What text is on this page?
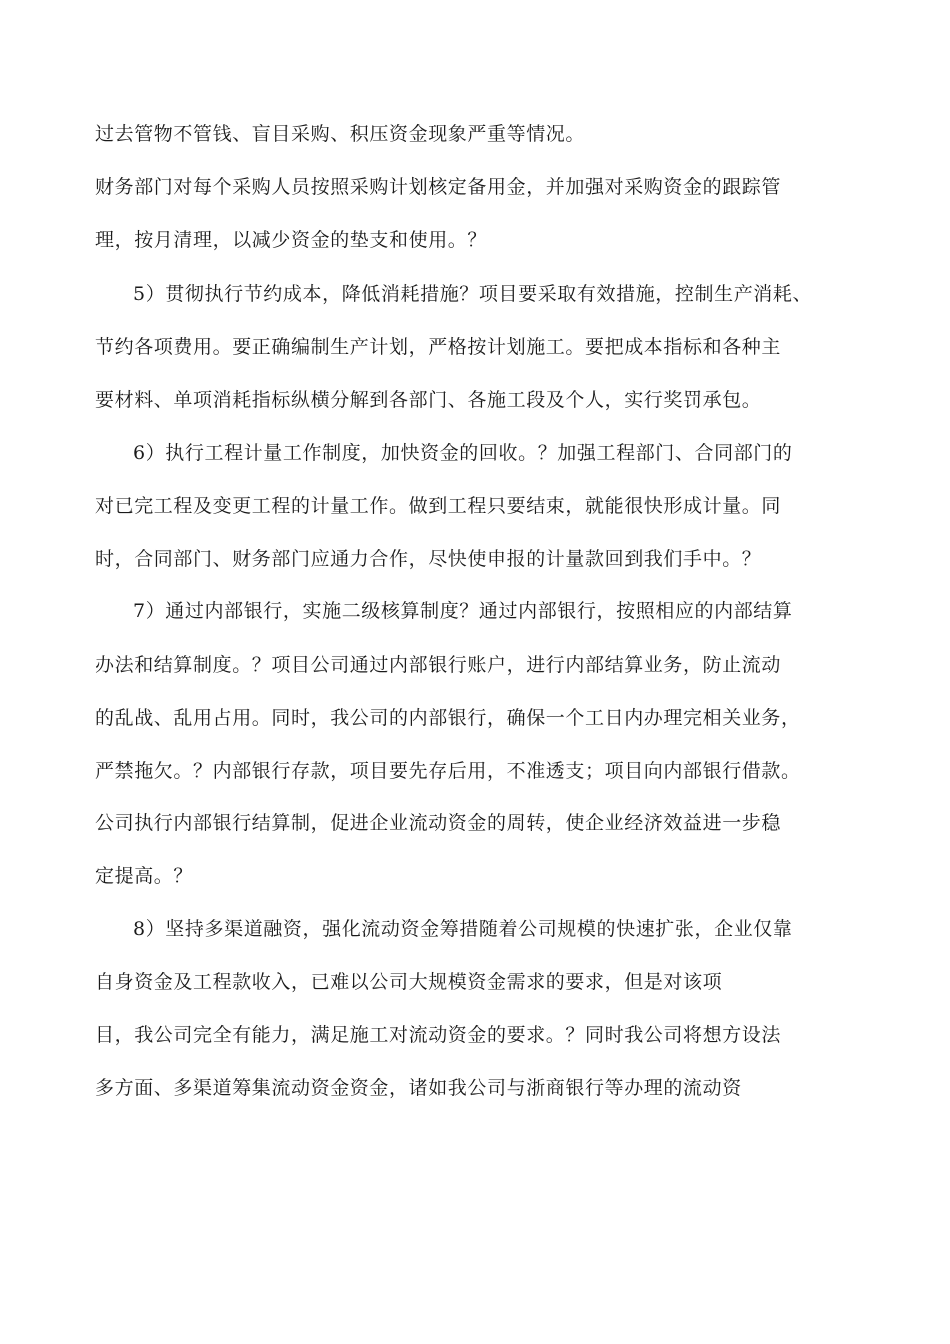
过去管物不管钱、盲目采购、积压资金现象严重等情况。
财务部门对每个采购人员按照采购计划核定备用金，并加强对采购资金的跟踪管
理，按月清理，以减少资金的垫支和使用。？
5）贯彻执行节约成本，降低消耗措施？项目要采取有效措施，控制生产消耗、
节约各项费用。要正确编制生产计划，严格按计划施工。要把成本指标和各种主
要材料、单项消耗指标纵横分解到各部门、各施工段及个人，实行奖罚承包。
6）执行工程计量工作制度，加快资金的回收。？加强工程部门、合同部门的
对已完工程及变更工程的计量工作。做到工程只要结束，就能很快形成计量。同
时，合同部门、财务部门应通力合作，尽快使申报的计量款回到我们手中。？
7）通过内部银行，实施二级核算制度？通过内部银行，按照相应的内部结算
办法和结算制度。？项目公司通过内部银行账户，进行内部结算业务，防止流动
的乱战、乱用占用。同时，我公司的内部银行，确保一个工日内办理完相关业务，
严禁拖欠。？内部银行存款，项目要先存后用，不准透支；项目向内部银行借款。
公司执行内部银行结算制，促进企业流动资金的周转，使企业经济效益进一步稳
定提高。？
8）坚持多渠道融资，强化流动资金筹措随着公司规模的快速扩张，企业仅靠
自身资金及工程款收入，已难以公司大规模资金需求的要求，但是对该项
目，我公司完全有能力，满足施工对流动资金的要求。？同时我公司将想方设法
多方面、多渠道筹集流动资金资金，诸如我公司与浙商银行等办理的流动资
